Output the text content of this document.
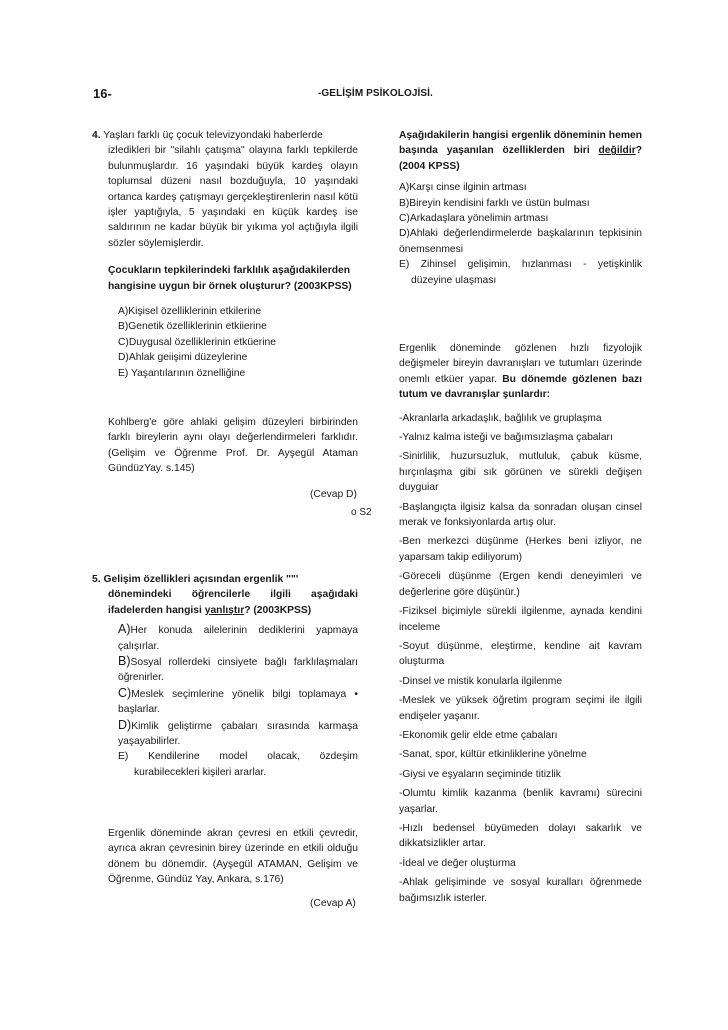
16-	-GELİŞİM PSİKOLOJİSİ.

4. Yaşları farklı üç çocuk televizyondaki haberlerde

izledikleri bir "silahlı çatışma" olayına farklı tepkilerde bulunmuşlardır. 16 yaşındaki büyük kardeş olayın toplumsal düzeni nasıl bozduğuyla, 10 yaşındaki ortanca kardeş çatışmayı gerçekleştirenlerin nasıl kötü işler yaptığıyla, 5 yaşındaki en küçük kardeş ise saldırının ne kadar büyük bir yıkıma yol açtığıyla ilgili sözler söylemişlerdir.

Çocukların tepkilerindeki farklılık aşağıdakilerden hangisine uygun bir örnek oluşturur? (2003KPSS)

A)Kişisel özelliklerinin etkilerine

B)Genetik özelliklerinin etkiierine

C)Duygusal özelliklerinin etküerine

D)Ahlak geiişimi düzeylerine

E) Yaşantılarının öznelliğine

Kohlberg'e göre ahlaki gelişim düzeyleri birbirinden farklı bireylerin aynı olayı değerlendirmeleri farklıdır. (Gelişim ve Öğrenme Prof. Dr. Ayşegül Ataman GündüzYay. s.145)

(Cevap D)
o S2

5. Gelişim özellikleri açısından ergenlik ""'

dönemindeki öğrencilerle ilgili aşağıdaki ifadelerden hangisi yanlıştır? (2003KPSS)

A)Her konuda ailelerinin dediklerini yapmaya çalışırlar.

B)Sosyal rollerdeki cinsiyete bağlı farklılaşmaları öğrenirler.

C)Meslek seçimlerine yönelik bilgi toplamaya • başlarlar.

D)Kimlik geliştirme çabaları sırasında karmaşa yaşayabilirler.

E) Kendilerine model olacak, özdeşim kurabilecekleri kişileri ararlar.

Ergenlik döneminde akran çevresi en etkili çevredir, ayrıca akran çevresinin birey üzerinde en etkili olduğu dönem bu dönemdir. (Ayşegül ATAMAN, Gelişim ve Öğrenme, Gündüz Yay, Ankara, s.176)

(Cevap A)

Aşağıdakilerin hangisi ergenlik döneminin hemen başında yaşanılan özelliklerden biri değildir?(2004 KPSS)

A)Karşı cinse ilginin artması

B)Bireyin kendisini farklı ve üstün bulması

C)Arkadaşlara yönelimin artması

D)Ahlaki değerlendirmelerde başkalarının tepkisinin önemsenmesi

E) Zihinsel gelişimin, hızlanması - yetişkinlik düzeyine ulaşması

Ergenlik döneminde gözlenen hızlı fizyolojik değişmeler bireyin davranışları ve tutumları üzerinde onemlı etküer yapar. Bu dönemde gözlenen bazı tutum ve davranışlar şunlardır:

-Akranlarla arkadaşlık, bağlılık ve gruplaşma

-Yalnız kalma isteği ve bağımsızlaşma çabaları

-Sinirlilik, huzursuzluk, mutluluk, çabuk küsme, hırçınlaşma gibi sık görünen ve sürekli değişen duyguiar

-Başlangıçta ilgisiz kalsa da sonradan oluşan cinsel merak ve fonksiyonlarda artış olur.

-Ben merkezci düşünme (Herkes beni izliyor, ne yaparsam takip ediliyorum)

-Göreceli düşünme (Ergen kendi deneyimleri ve değerlerine göre düşünür.)

-Fiziksel biçimiyle sürekli ilgilenme, aynada kendini inceleme

-Soyut düşünme, eleştirme, kendine ait kavram oluşturma

-Dinsel ve mistik konularla ilgilenme

-Meslek ve yüksek öğretim program seçimi ile ilgili endişeler yaşanır.

-Ekonomik gelir elde etme çabaları

-Sanat, spor, kültür etkinliklerine yönelme

-Giysi ve eşyaların seçiminde titizlik

-Olumtu kimlik kazanma (benlik kavramı) sürecini yaşarlar.

-Hızlı bedensel büyümeden dolayı sakarlık ve dikkatsizlikler artar.

-İdeal ve değer oluşturma

-Ahlak gelişiminde ve sosyal kuralları öğrenmede bağımsızlık isterler.
